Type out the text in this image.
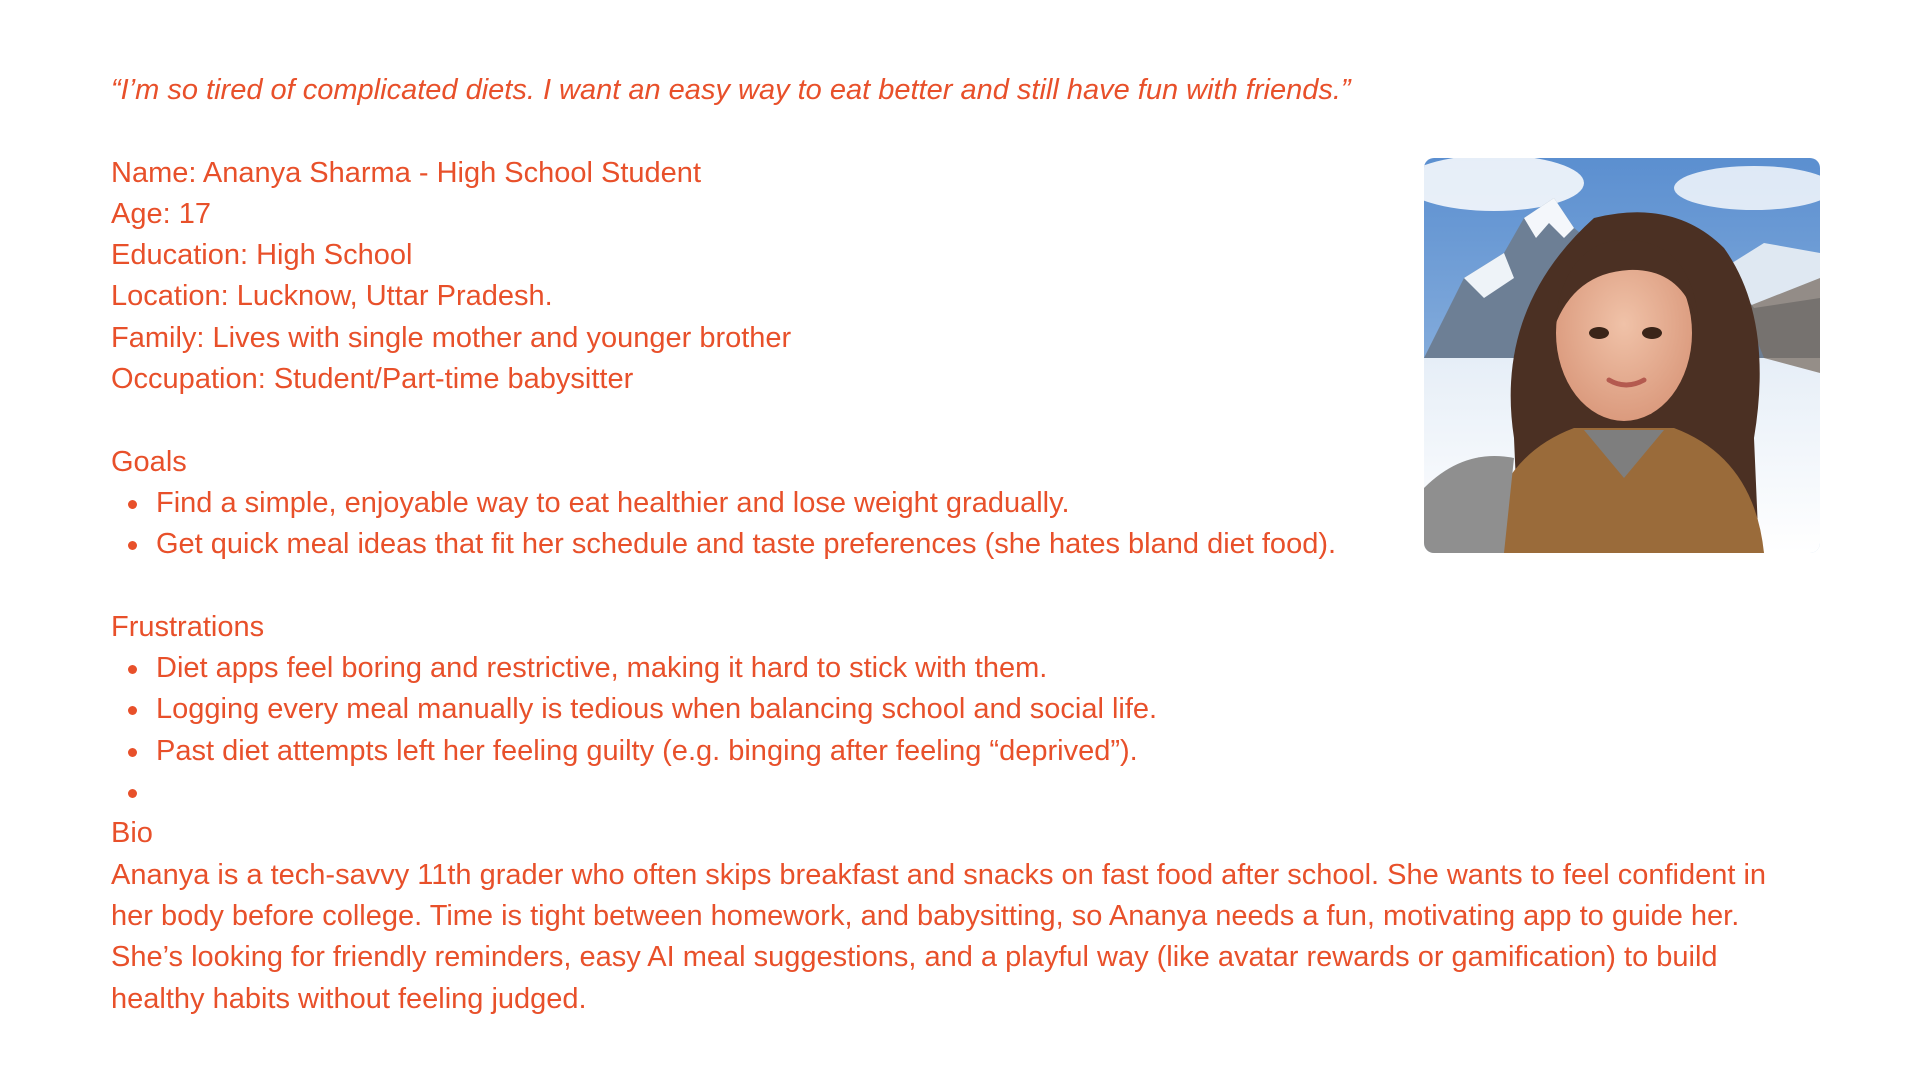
“I’m so tired of complicated diets. I want an easy way to eat better and still have fun with friends.”

Name: Ananya Sharma - High School Student

Age: 17

Education: High School

Location: Lucknow, Uttar Pradesh.

Family: Lives with single mother and younger brother

Occupation: Student/Part-time babysitter

Goals

Find a simple, enjoyable way to eat healthier and lose weight gradually.
Get quick meal ideas that fit her schedule and taste preferences (she hates bland diet food).

Frustrations

Diet apps feel boring and restrictive, making it hard to stick with them.
Logging every meal manually is tedious when balancing school and social life.
Past diet attempts left her feeling guilty (e.g. binging after feeling “deprived”).

Bio

Ananya is a tech-savvy 11th grader who often skips breakfast and snacks on fast food after school. She wants to feel confident in her body before college. Time is tight between homework, and babysitting, so Ananya needs a fun, motivating app to guide her. She’s looking for friendly reminders, easy AI meal suggestions, and a playful way (like avatar rewards or gamification) to build healthy habits without feeling judged.
